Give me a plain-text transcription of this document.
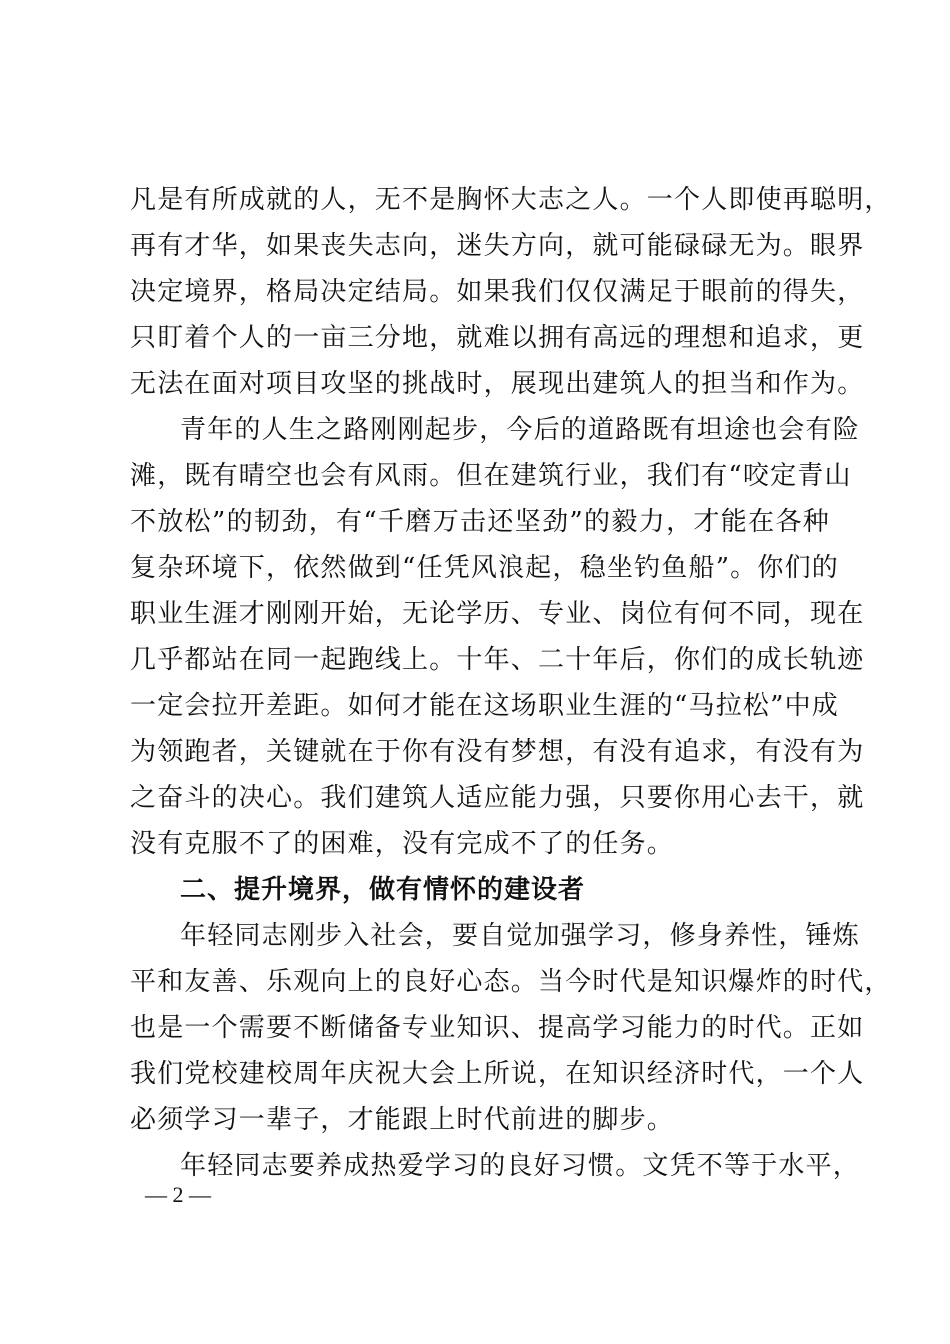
凡是有所成就的人，无不是胸怀大志之人。一个人即使再聪明，
再有才华，如果丧失志向，迷失方向，就可能碌碌无为。眼界
决定境界，格局决定结局。如果我们仅仅满足于眼前的得失，
只盯着个人的一亩三分地，就难以拥有高远的理想和追求，更
无法在面对项目攻坚的挑战时，展现出建筑人的担当和作为。
青年的人生之路刚刚起步，今后的道路既有坦途也会有险
滩，既有晴空也会有风雨。但在建筑行业，我们有“咬定青山
不放松”的韧劲，有“千磨万击还坚劲”的毅力，才能在各种
复杂环境下，依然做到“任凭风浪起，稳坐钓鱼船”。你们的
职业生涯才刚刚开始，无论学历、专业、岗位有何不同，现在
几乎都站在同一起跑线上。十年、二十年后，你们的成长轨迹
一定会拉开差距。如何才能在这场职业生涯的“马拉松”中成
为领跑者，关键就在于你有没有梦想，有没有追求，有没有为
之奋斗的决心。我们建筑人适应能力强，只要你用心去干，就
没有克服不了的困难，没有完成不了的任务。
二、提升境界，做有情怀的建设者
年轻同志刚步入社会，要自觉加强学习，修身养性，锤炼
平和友善、乐观向上的良好心态。当今时代是知识爆炸的时代，
也是一个需要不断储备专业知识、提高学习能力的时代。正如
我们党校建校周年庆祝大会上所说，在知识经济时代，一个人
必须学习一辈子，才能跟上时代前进的脚步。
年轻同志要养成热爱学习的良好习惯。文凭不等于水平，
— 2 —
